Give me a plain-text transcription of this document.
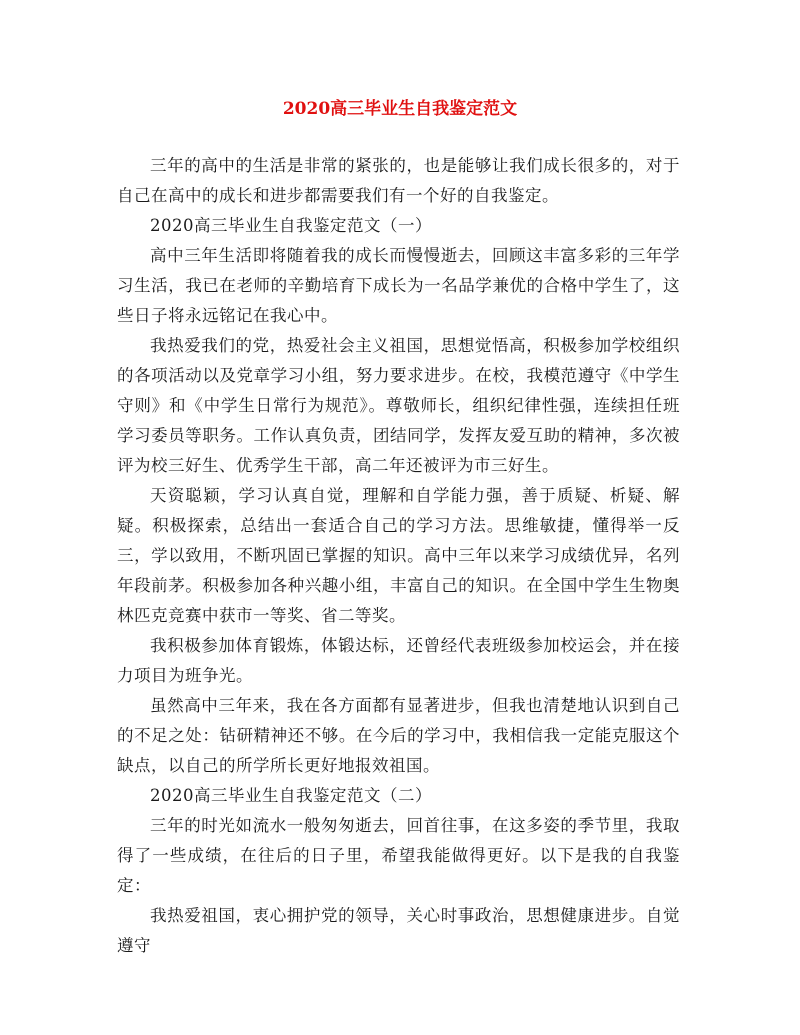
2020高三毕业生自我鉴定范文

三年的高中的生活是非常的紧张的，也是能够让我们成长很多的，对于自己在高中的成长和进步都需要我们有一个好的自我鉴定。

2020高三毕业生自我鉴定范文（一）

高中三年生活即将随着我的成长而慢慢逝去，回顾这丰富多彩的三年学习生活，我已在老师的辛勤培育下成长为一名品学兼优的合格中学生了，这些日子将永远铭记在我心中。

我热爱我们的党，热爱社会主义祖国，思想觉悟高，积极参加学校组织的各项活动以及党章学习小组，努力要求进步。在校，我模范遵守《中学生守则》和《中学生日常行为规范》。尊敬师长，组织纪律性强，连续担任班学习委员等职务。工作认真负责，团结同学，发挥友爱互助的精神，多次被评为校三好生、优秀学生干部，高二年还被评为市三好生。

天资聪颖，学习认真自觉，理解和自学能力强，善于质疑、析疑、解疑。积极探索，总结出一套适合自己的学习方法。思维敏捷，懂得举一反三，学以致用，不断巩固已掌握的知识。高中三年以来学习成绩优异，名列年段前茅。积极参加各种兴趣小组，丰富自己的知识。在全国中学生生物奥林匹克竞赛中获市一等奖、省二等奖。

我积极参加体育锻炼，体锻达标，还曾经代表班级参加校运会，并在接力项目为班争光。

虽然高中三年来，我在各方面都有显著进步，但我也清楚地认识到自己的不足之处：钻研精神还不够。在今后的学习中，我相信我一定能克服这个缺点，以自己的所学所长更好地报效祖国。

2020高三毕业生自我鉴定范文（二）

三年的时光如流水一般匆匆逝去，回首往事，在这多姿的季节里，我取得了一些成绩，在往后的日子里，希望我能做得更好。以下是我的自我鉴定：

我热爱祖国，衷心拥护党的领导，关心时事政治，思想健康进步。自觉遵守
